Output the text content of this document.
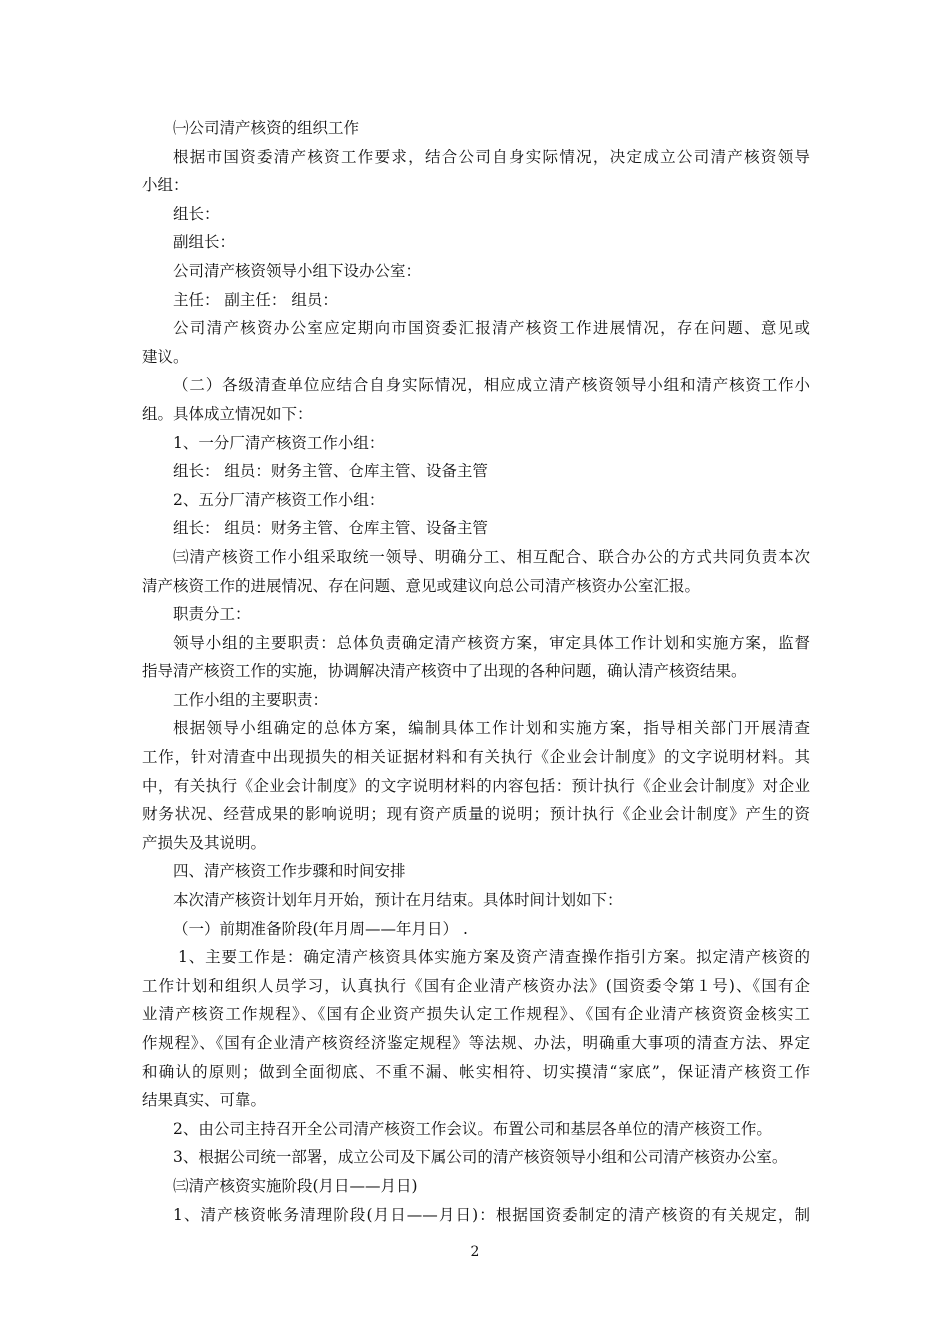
㈠公司清产核资的组织工作
根据市国资委清产核资工作要求，结合公司自身实际情况，决定成立公司清产核资领导
小组：
组长：
副组长：
公司清产核资领导小组下设办公室：
主任： 副主任： 组员：
公司清产核资办公室应定期向市国资委汇报清产核资工作进展情况，存在问题、意见或
建议。
（二）各级清查单位应结合自身实际情况，相应成立清产核资领导小组和清产核资工作小
组。具体成立情况如下：
1、一分厂清产核资工作小组：
组长： 组员：财务主管、仓库主管、设备主管
2、五分厂清产核资工作小组：
组长： 组员：财务主管、仓库主管、设备主管
㈢清产核资工作小组采取统一领导、明确分工、相互配合、联合办公的方式共同负责本次
清产核资工作的进展情况、存在问题、意见或建议向总公司清产核资办公室汇报。
职责分工：
领导小组的主要职责：总体负责确定清产核资方案，审定具体工作计划和实施方案，监督
指导清产核资工作的实施，协调解决清产核资中了出现的各种问题，确认清产核资结果。
工作小组的主要职责：
根据领导小组确定的总体方案，编制具体工作计划和实施方案，指导相关部门开展清查
工作，针对清查中出现损失的相关证据材料和有关执行《企业会计制度》的文字说明材料。其
中，有关执行《企业会计制度》的文字说明材料的内容包括：预计执行《企业会计制度》对企业
财务状况、经营成果的影响说明；现有资产质量的说明；预计执行《企业会计制度》产生的资
产损失及其说明。
四、清产核资工作步骤和时间安排
本次清产核资计划年月开始，预计在月结束。具体时间计划如下：
（一）前期准备阶段(年月周——年月日） .
1、主要工作是：确定清产核资具体实施方案及资产清查操作指引方案。拟定清产核资的
工作计划和组织人员学习，认真执行《国有企业清产核资办法》(国资委令第１号)、《国有企
业清产核资工作规程》、《国有企业资产损失认定工作规程》、《国有企业清产核资资金核实工
作规程》、《国有企业清产核资经济鉴定规程》等法规、办法，明确重大事项的清查方法、界定
和确认的原则；做到全面彻底、不重不漏、帐实相符、切实摸清“家底”，保证清产核资工作
结果真实、可靠。
2、由公司主持召开全公司清产核资工作会议。布置公司和基层各单位的清产核资工作。
3、根据公司统一部署，成立公司及下属公司的清产核资领导小组和公司清产核资办公室。
㈢清产核资实施阶段(月日——月日)
1、清产核资帐务清理阶段(月日——月日)：根据国资委制定的清产核资的有关规定，制
2
